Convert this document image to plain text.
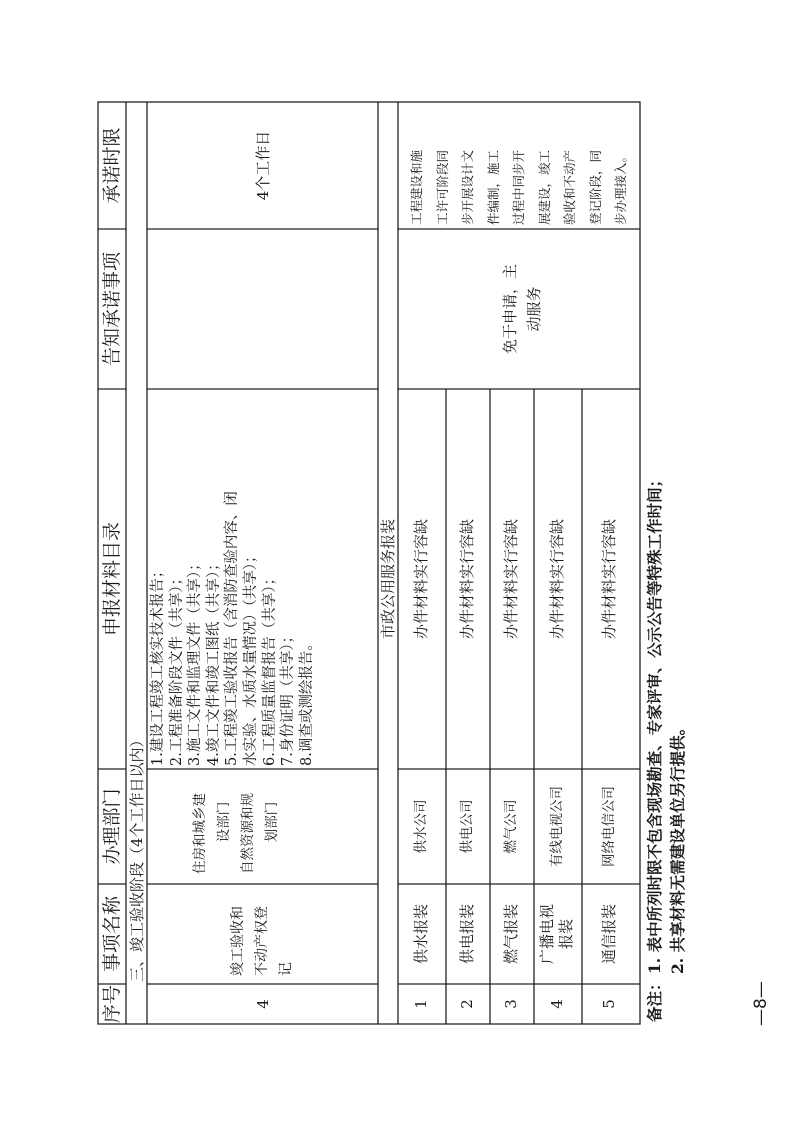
序号
事项名称
办理部门
申报材料目录
告知承诺事项
承诺时限
三、竣工验收阶段（4个工作日以内）
4
竣工验收和 不动产权登 记
住房和城乡建 设部门 自然资源和规 划部门
1.建设工程竣工核实技术报告； 2.工程准备阶段文件（共享）； 3.施工文件和监理文件（共享）； 4.竣工文件和竣工图纸（共享）； 5.工程竣工验收报告（含消防查验内容、闭 水实验、水质水量情况）（共享）； 6.工程质量监督报告（共享）； 7.身份证明（共享）； 8.调查或测绘报告。
4个工作日
市政公用服务报装
1
供水报装
供水公司
办件材料实行容缺
2
供电报装
供电公司
办件材料实行容缺
3
燃气报装
燃气公司
办件材料实行容缺
4
广播电视 报装
有线电视公司
办件材料实行容缺
5
通信报装
网络电信公司
办件材料实行容缺
免于申请，主 动服务
工程建设和施 工许可阶段同 步开展设计文 件编制，施工 过程中同步开 展建设，竣工 验收和不动产 登记阶段，同 步办理接入。
备注：
1. 表中所列时限不包含现场勘查、专家评审、公示公告等特殊工作时间； 2. 共享材料无需建设单位另行提供。
—8—
